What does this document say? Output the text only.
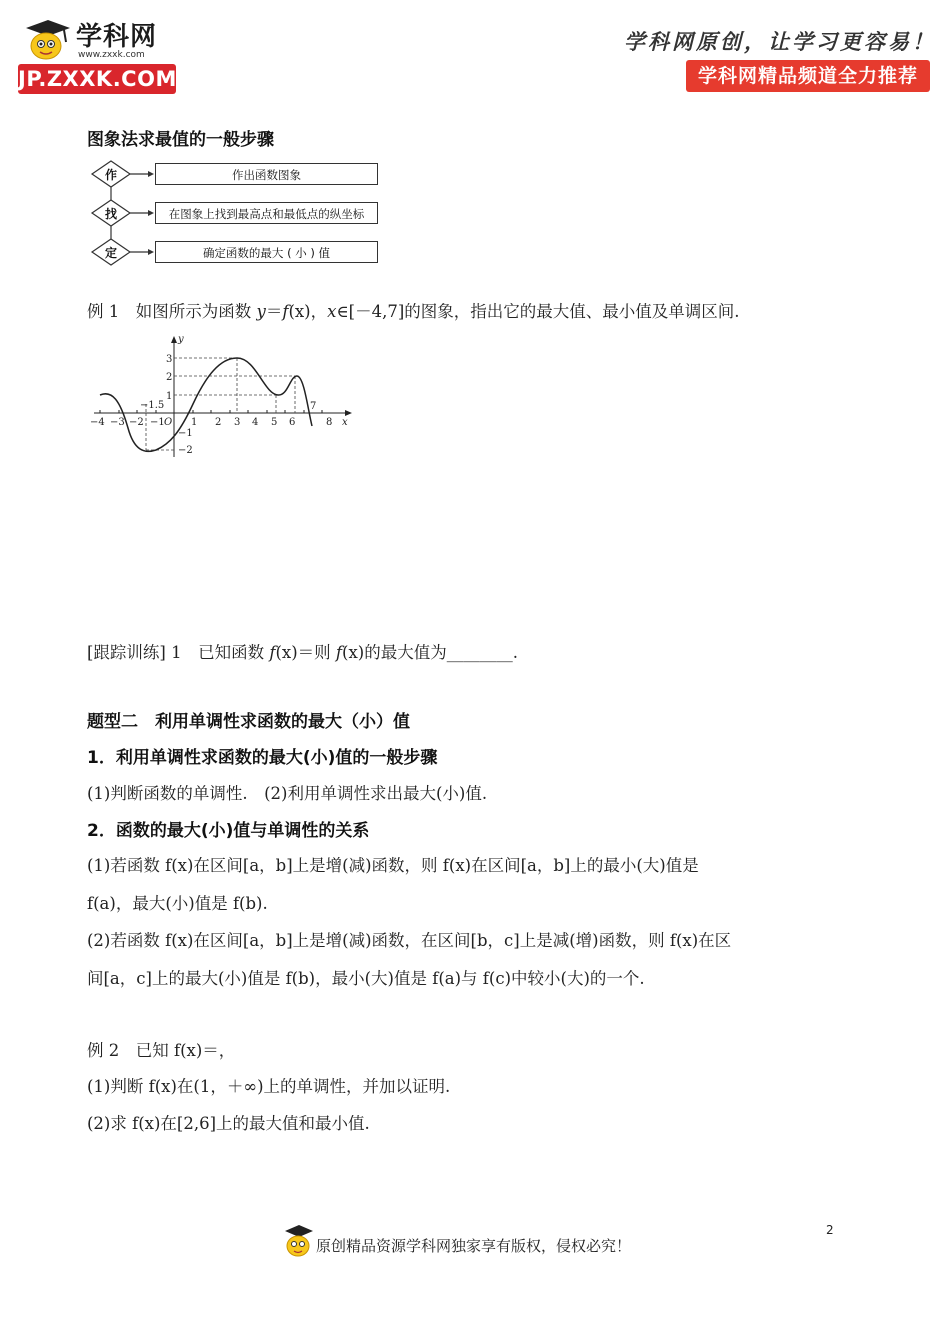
学科网
www.zxxk.com
JP.ZXXK.COM
学科网原创，让学习更容易！
学科网精品频道全力推荐
图象法求最值的一般步骤
作
找
定
作出函数图象
在图象上找到最高点和最低点的纵坐标
确定函数的最大 ( 小 ) 值
例 1　如图所示为函数 y＝f(x)，x∈[－4,7]的图象，指出它的最大值、最小值及单调区间.
y
x
O
−4 −3 −2 −1	1 2 3 4 5 6
7
8
−1.5
3
2
1
−1
−2
[跟踪训练] 1　已知函数 f(x)＝则 f(x)的最大值为________.
题型二　利用单调性求函数的最大（小）值
1．利用单调性求函数的最大(小)值的一般步骤
(1)判断函数的单调性.　(2)利用单调性求出最大(小)值.
2．函数的最大(小)值与单调性的关系
(1)若函数 f(x)在区间[a，b]上是增(减)函数，则 f(x)在区间[a，b]上的最小(大)值是
f(a)，最大(小)值是 f(b).
(2)若函数 f(x)在区间[a，b]上是增(减)函数，在区间[b，c]上是减(增)函数，则 f(x)在区
间[a，c]上的最大(小)值是 f(b)，最小(大)值是 f(a)与 f(c)中较小(大)的一个.
例 2　已知 f(x)＝，
(1)判断 f(x)在(1，＋∞)上的单调性，并加以证明.
(2)求 f(x)在[2,6]上的最大值和最小值.
2
原创精品资源学科网独家享有版权，侵权必究！
